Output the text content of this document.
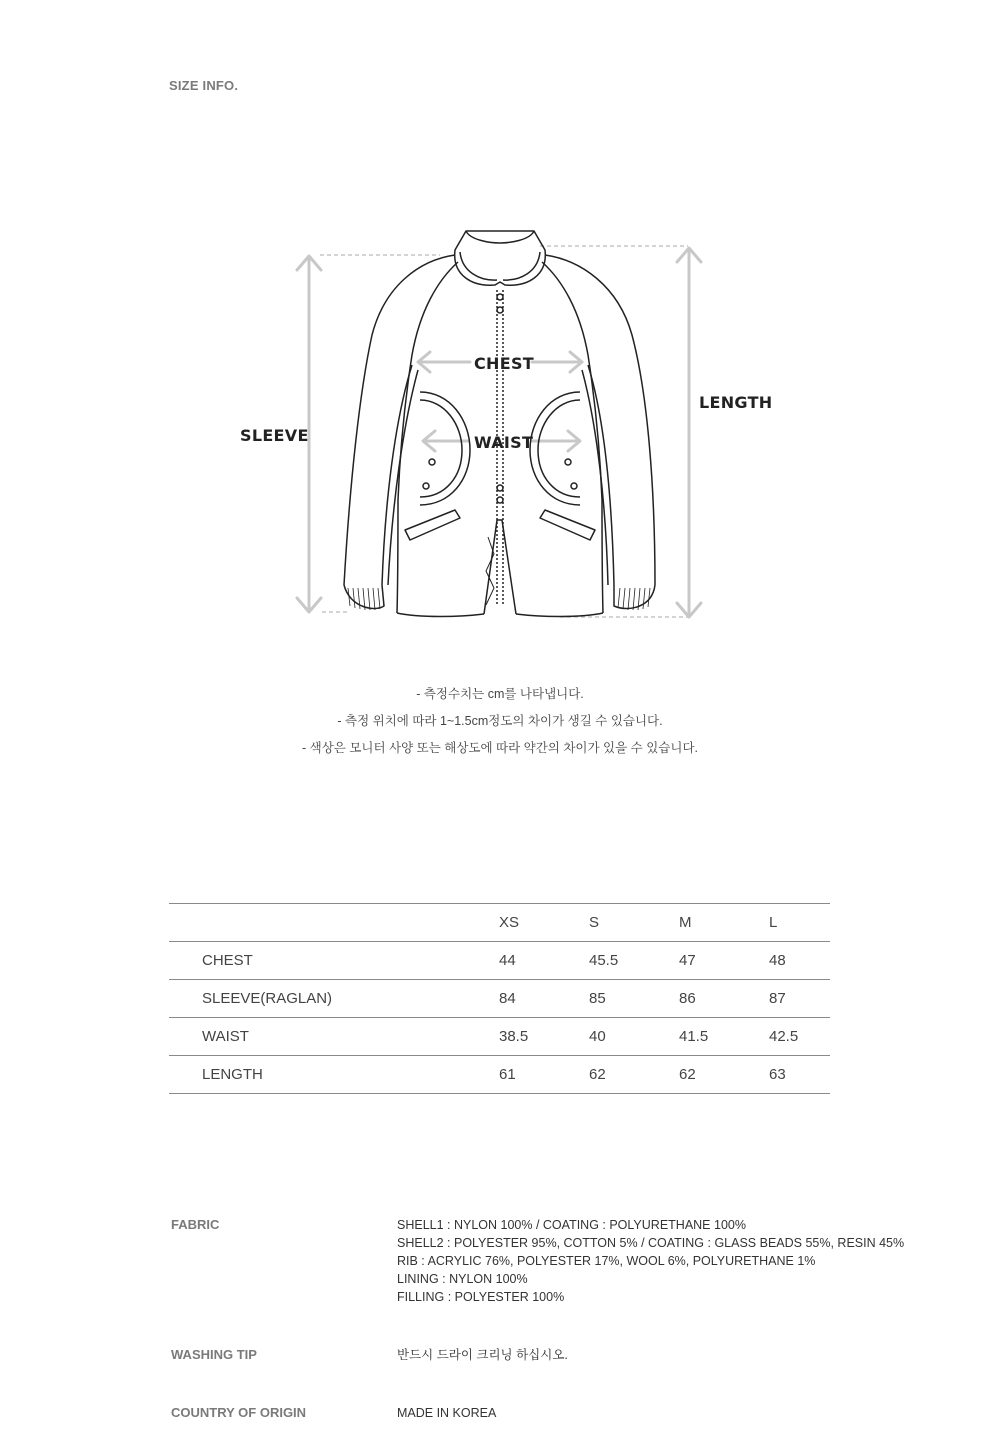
SIZE INFO.
CHEST
WAIST
SLEEVE
LENGTH
- 측정수치는 cm를 나타냅니다.
- 측정 위치에 따라 1~1.5cm정도의 차이가 생길 수 있습니다.
- 색상은 모니터 사양 또는 해상도에 따라 약간의 차이가 있을 수 있습니다.
	XS	S	M	L
CHEST	44	45.5	47	48
SLEEVE(RAGLAN)	84	85	86	87
WAIST	38.5	40	41.5	42.5
LENGTH	61	62	62	63
FABRIC	SHELL1 : NYLON 100% / COATING : POLYURETHANE 100%
SHELL2 : POLYESTER 95%, COTTON 5% / COATING : GLASS BEADS 55%, RESIN 45%
RIB : ACRYLIC 76%, POLYESTER 17%, WOOL 6%, POLYURETHANE 1%
LINING : NYLON 100%
FILLING : POLYESTER 100%
WASHING TIP	반드시 드라이 크리닝 하십시오.
COUNTRY OF ORIGIN	MADE IN KOREA
